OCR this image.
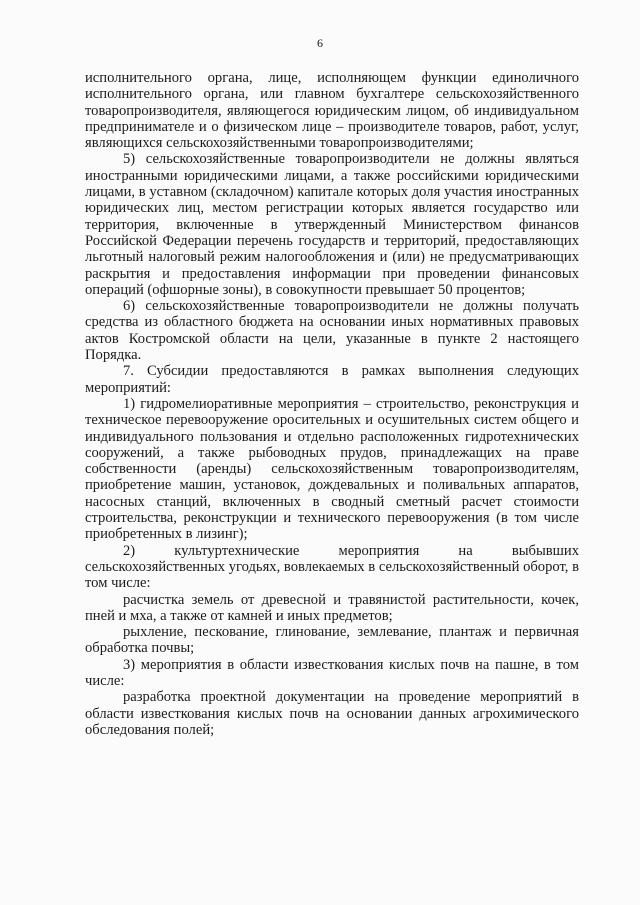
6

исполнительного органа, лице, исполняющем функции единоличного исполнительного органа, или главном бухгалтере сельскохозяйственного товаропроизводителя, являющегося юридическим лицом, об индивидуальном предпринимателе и о физическом лице – производителе товаров, работ, услуг, являющихся сельскохозяйственными товаропроизводителями;

5) сельскохозяйственные товаропроизводители не должны являться иностранными юридическими лицами, а также российскими юридическими лицами, в уставном (складочном) капитале которых доля участия иностранных юридических лиц, местом регистрации которых является государство или территория, включенные в утвержденный Министерством финансов Российской Федерации перечень государств и территорий, предоставляющих льготный налоговый режим налогообложения и (или) не предусматривающих раскрытия и предоставления информации при проведении финансовых операций (офшорные зоны), в совокупности превышает 50 процентов;

6) сельскохозяйственные товаропроизводители не должны получать средства из областного бюджета на основании иных нормативных правовых актов Костромской области на цели, указанные в пункте 2 настоящего Порядка.

7. Субсидии предоставляются в рамках выполнения следующих мероприятий:

1) гидромелиоративные мероприятия – строительство, реконструкция и техническое перевооружение оросительных и осушительных систем общего и индивидуального пользования и отдельно расположенных гидротехнических сооружений, а также рыбоводных прудов, принадлежащих на праве собственности (аренды) сельскохозяйственным товаропроизводителям, приобретение машин, установок, дождевальных и поливальных аппаратов, насосных станций, включенных в сводный сметный расчет стоимости строительства, реконструкции и технического перевооружения (в том числе приобретенных в лизинг);

2) культуртехнические мероприятия на выбывших сельскохозяйственных угодьях, вовлекаемых в сельскохозяйственный оборот, в том числе:

расчистка земель от древесной и травянистой растительности, кочек, пней и мха, а также от камней и иных предметов;

рыхление, пескование, глинование, землевание, плантаж и первичная обработка почвы;

3) мероприятия в области известкования кислых почв на пашне, в том числе:

разработка проектной документации на проведение мероприятий в области известкования кислых почв на основании данных агрохимического обследования полей;
